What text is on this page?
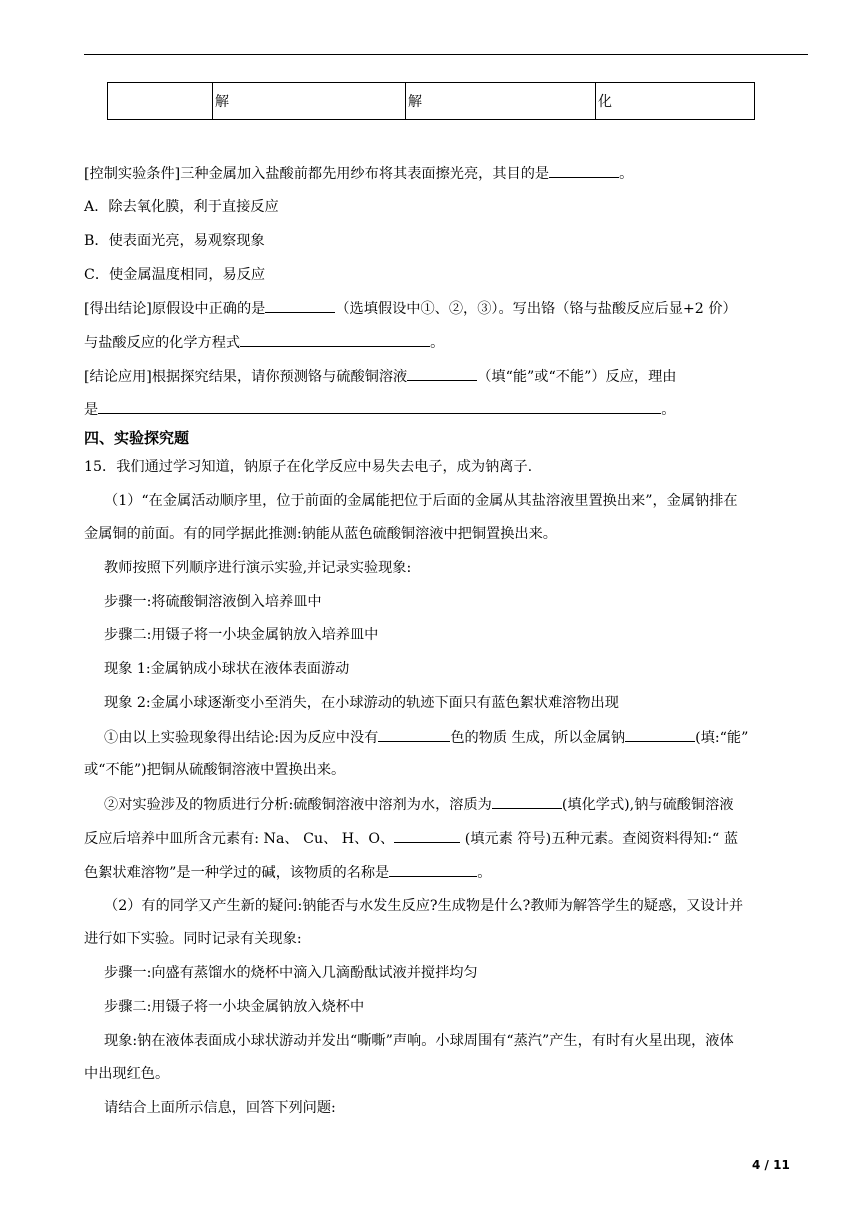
	解	解	化
[控制实验条件]三种金属加入盐酸前都先用纱布将其表面擦光亮，其目的是	。
A．除去氧化膜，利于直接反应
B．使表面光亮，易观察现象
C．使金属温度相同，易反应
[得出结论]原假设中正确的是	（选填假设中①、②，③）。写出铬（铬与盐酸反应后显+2 价）
与盐酸反应的化学方程式	。
[结论应用]根据探究结果，请你预测铬与硫酸铜溶液	（填“能”或“不能”）反应，理由
是	。
四、实验探究题
15．我们通过学习知道，钠原子在化学反应中易失去电子，成为钠离子.
（1）“在金属活动顺序里，位于前面的金属能把位于后面的金属从其盐溶液里置换出来”，金属钠排在
金属铜的前面。有的同学据此推测:钠能从蓝色硫酸铜溶液中把铜置换出来。
教师按照下列顺序进行演示实验,并记录实验现象:
步骤一:将硫酸铜溶液倒入培养皿中
步骤二:用镊子将一小块金属钠放入培养皿中
现象 1:金属钠成小球状在液体表面游动
现象 2:金属小球逐渐变小至消失，在小球游动的轨迹下面只有蓝色絮状难溶物出现
①由以上实验现象得出结论:因为反应中没有	色的物质 生成，所以金属钠	(填:“能”
或“不能”)把铜从硫酸铜溶液中置换出来。
②对实验涉及的物质进行分析:硫酸铜溶液中溶剂为水，溶质为	(填化学式),钠与硫酸铜溶液
反应后培养中皿所含元素有: Na、 Cu、 H、O、	(填元素 符号)五种元素。查阅资料得知:“ 蓝
色絮状难溶物”是一种学过的碱，该物质的名称是	。
（2）有的同学又产生新的疑问:钠能否与水发生反应?生成物是什么?教师为解答学生的疑惑，又设计并
进行如下实验。同时记录有关现象:
步骤一:向盛有蒸馏水的烧杯中滴入几滴酚酞试液并搅拌均匀
步骤二:用镊子将一小块金属钠放入烧杯中
现象:钠在液体表面成小球状游动并发出“嘶嘶”声响。小球周围有“蒸汽”产生，有时有火星出现，液体
中出现红色。
请结合上面所示信息，回答下列问题:
4 / 11
